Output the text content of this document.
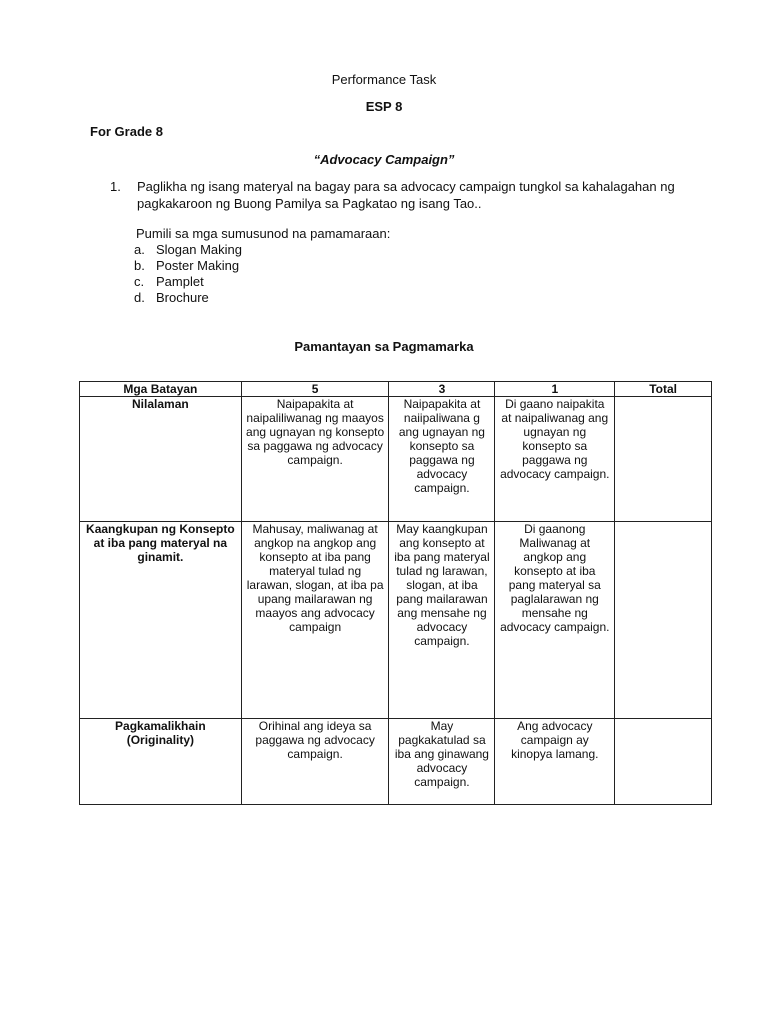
Performance Task
ESP 8
For Grade 8
“Advocacy Campaign”
1. Paglikha ng isang materyal na bagay para sa advocacy campaign tungkol sa kahalagahan ng pagkakaroon ng Buong Pamilya sa Pagkatao ng isang Tao..
Pumili sa mga sumusunod na pamamaraan:
a. Slogan Making
b. Poster Making
c. Pamplet
d. Brochure
Pamantayan sa Pagmamarka
Mga Batayan	5	3	1	Total
Nilalaman	Naipapakita at naipaliliwanag ng maayos ang ugnayan ng konsepto sa paggawa ng advocacy campaign.	Naipapakita at naiipaliwana g ang ugnayan ng konsepto sa paggawa ng advocacy campaign.	Di gaano naipakita at naipaliwanag ang ugnayan ng konsepto sa paggawa ng advocacy campaign.	
Kaangkupan ng Konsepto at iba pang materyal na ginamit.	Mahusay, maliwanag at angkop na angkop ang konsepto at iba pang materyal tulad ng larawan, slogan, at iba pa upang mailarawan ng maayos ang advocacy campaign	May kaangkupan ang konsepto at iba pang materyal tulad ng larawan, slogan, at iba pang mailarawan ang mensahe ng advocacy campaign.	Di gaanong Maliwanag at angkop ang konsepto at iba pang materyal sa paglalarawan ng mensahe ng advocacy campaign.	
Pagkamalikhain (Originality)	Orihinal ang ideya sa paggawa ng advocacy campaign.	May pagkakatulad sa iba ang ginawang advocacy campaign.	Ang advocacy campaign ay kinopya lamang.	
